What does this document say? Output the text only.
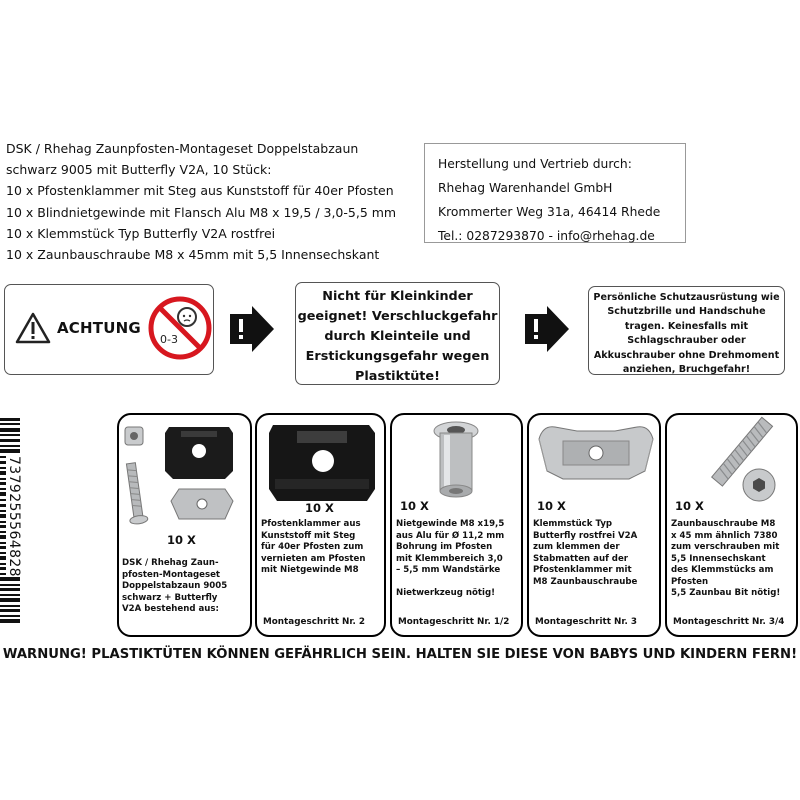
DSK / Rhehag Zaunpfosten-Montageset Doppelstabzaun
schwarz 9005 mit Butterfly V2A, 10 Stück:
10 x Pfostenklammer mit Steg aus Kunststoff für 40er Pfosten
10 x Blindnietgewinde mit Flansch Alu M8 x 19,5 / 3,0-5,5 mm
10 x Klemmstück Typ Butterfly V2A rostfrei
10 x Zaunbauschraube M8 x 45mm mit 5,5 Innensechskant
Herstellung und Vertrieb durch:
Rhehag Warenhandel GmbH
Krommerter Weg 31a, 46414 Rhede
Tel.: 0287293870 - info@rhehag.de
ACHTUNG
0-3
Nicht für Kleinkinder
geeignet! Verschluckgefahr
durch Kleinteile und
Erstickungsgefahr wegen
Plastiktüte!
Persönliche Schutzausrüstung wie
Schutzbrille und Handschuhe
tragen. Keinesfalls mit
Schlagschrauber oder
Akkuschrauber ohne Drehmoment
anziehen, Bruchgefahr!
7379255564828	10 X
DSK / Rhehag Zaun-
pfosten-Montageset
Doppelstabzaun 9005
schwarz + Butterfly
V2A bestehend aus:
10 X
Pfostenklammer aus
Kunststoff mit Steg
für 40er Pfosten zum
vernieten am Pfosten
mit Nietgewinde M8
Montageschritt Nr. 2
10 X
Nietgewinde M8 x19,5
aus Alu für Ø 11,2 mm
Bohrung im Pfosten
mit Klemmbereich 3,0
– 5,5 mm Wandstärke
Nietwerkzeug nötig!
Montageschritt Nr. 1/2
10 X
Klemmstück Typ
Butterfly rostfrei V2A
zum klemmen der
Stabmatten auf der
Pfostenklammer mit
M8 Zaunbauschraube
Montageschritt Nr. 3
10 X
Zaunbauschraube M8
x 45 mm ähnlich 7380
zum verschrauben mit
5,5 Innensechskant
des Klemmstücks am
Pfosten
5,5 Zaunbau Bit nötig!
Montageschritt Nr. 3/4
WARNUNG! PLASTIKTÜTEN KÖNNEN GEFÄHRLICH SEIN. HALTEN SIE DIESE VON BABYS UND KINDERN FERN!
